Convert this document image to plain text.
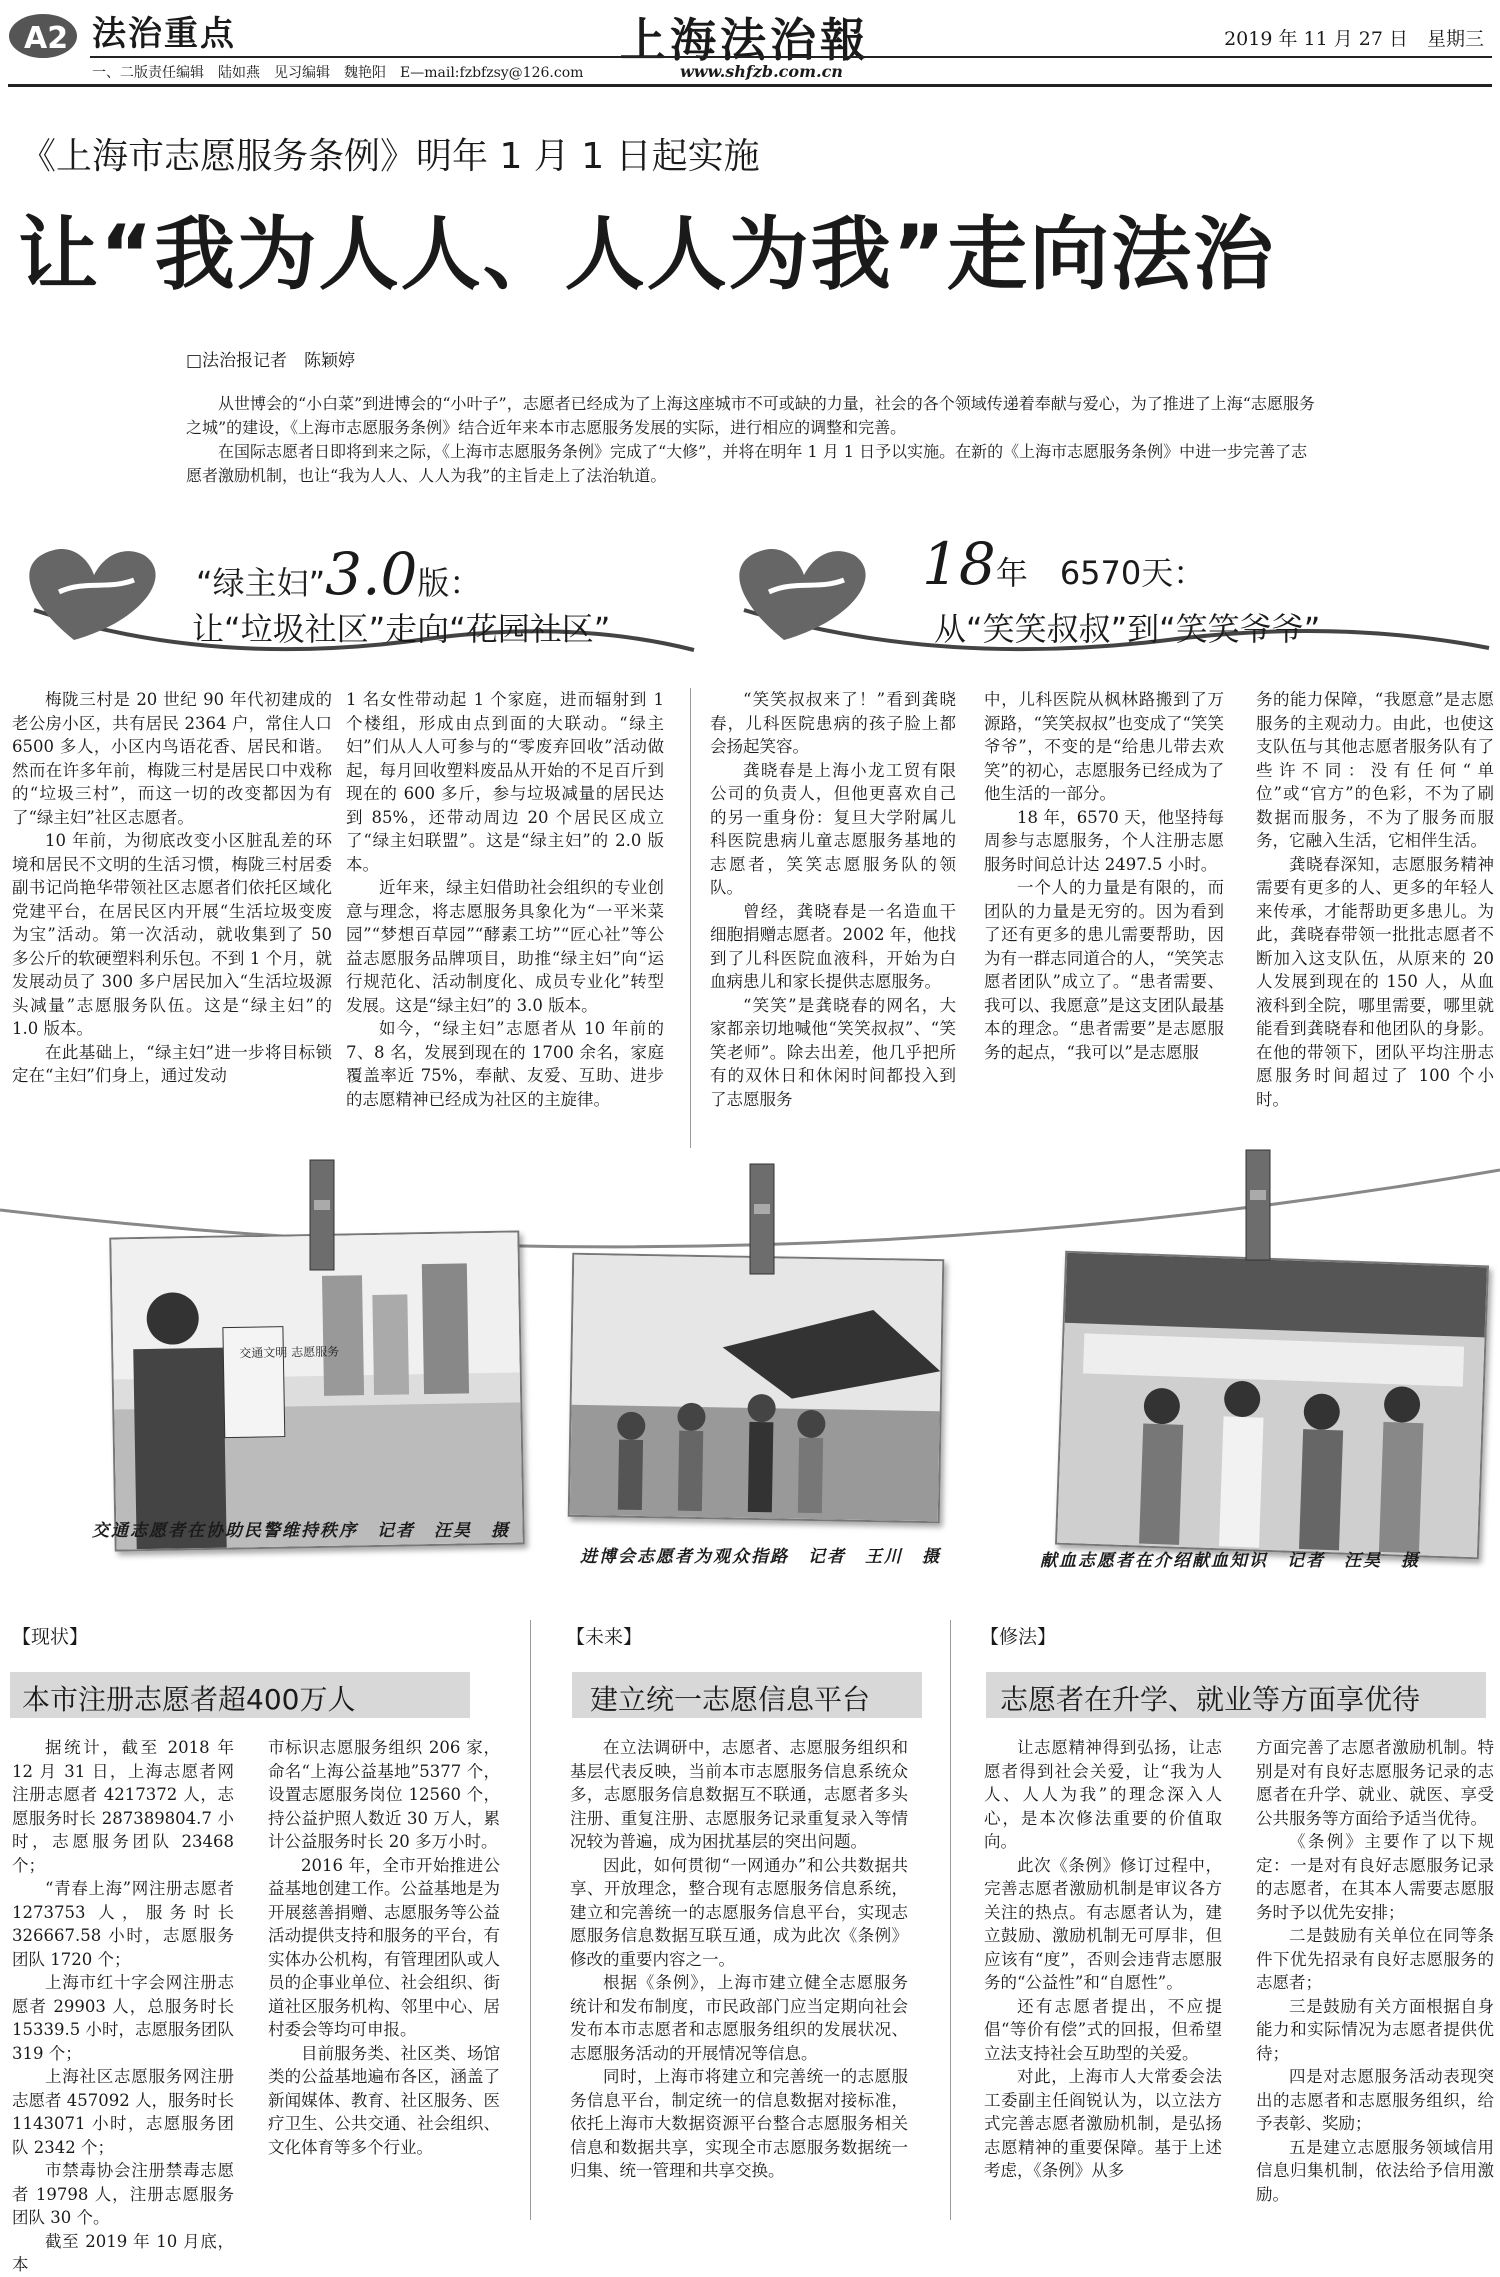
A2 法治重点	上海法治報	2019 年 11 月 27 日　星期三
一、二版责任编辑　陆如燕　见习编辑　魏艳阳　E—mail:fzbfzsy@126.com	www.shfzb.com.cn
《上海市志愿服务条例》明年 1 月 1 日起实施
让“我为人人、人人为我”走向法治
□法治报记者　陈颖婷

从世博会的“小白菜”到进博会的“小叶子”，志愿者已经成为了上海这座城市不可或缺的力量，社会的各个领域传递着奉献与爱心，为了推进了上海“志愿服务之城”的建设，《上海市志愿服务条例》结合近年来本市志愿服务发展的实际，进行相应的调整和完善。

在国际志愿者日即将到来之际，《上海市志愿服务条例》完成了“大修”，并将在明年 1 月 1 日予以实施。在新的《上海市志愿服务条例》中进一步完善了志愿者激励机制，也让“我为人人、人人为我”的主旨走上了法治轨道。

“绿主妇”3.0版：
让“垃圾社区”走向“花园社区”
18年　6570天：
从“笑笑叔叔”到“笑笑爷爷”

梅陇三村是 20 世纪 90 年代初建成的老公房小区，共有居民 2364 户，常住人口 6500 多人，小区内鸟语花香、居民和谐。然而在许多年前，梅陇三村是居民口中戏称的“垃圾三村”，而这一切的改变都因为有了“绿主妇”社区志愿者。

10 年前，为彻底改变小区脏乱差的环境和居民不文明的生活习惯，梅陇三村居委副书记尚艳华带领社区志愿者们依托区域化党建平台，在居民区内开展“生活垃圾变废为宝”活动。第一次活动，就收集到了 50 多公斤的软硬塑料利乐包。不到 1 个月，就发展动员了 300 多户居民加入“生活垃圾源头减量”志愿服务队伍。这是“绿主妇”的 1.0 版本。

在此基础上，“绿主妇”进一步将目标锁定在“主妇”们身上，通过发动

1 名女性带动起 1 个家庭，进而辐射到 1 个楼组，形成由点到面的大联动。“绿主妇”们从人人可参与的“零废弃回收”活动做起，每月回收塑料废品从开始的不足百斤到现在的 600 多斤，参与垃圾减量的居民达到 85%，还带动周边 20 个居民区成立了“绿主妇联盟”。这是“绿主妇”的 2.0 版本。

近年来，绿主妇借助社会组织的专业创意与理念，将志愿服务具象化为“一平米菜园”“梦想百草园”“酵素工坊”“匠心社”等公益志愿服务品牌项目，助推“绿主妇”向“运行规范化、活动制度化、成员专业化”转型发展。这是“绿主妇”的 3.0 版本。

如今，“绿主妇”志愿者从 10 年前的 7、8 名，发展到现在的 1700 余名，家庭覆盖率近 75%，奉献、友爱、互助、进步的志愿精神已经成为社区的主旋律。

“笑笑叔叔来了！”看到龚晓春，儿科医院患病的孩子脸上都会扬起笑容。

龚晓春是上海小龙工贸有限公司的负责人，但他更喜欢自己的另一重身份：复旦大学附属儿科医院患病儿童志愿服务基地的志愿者，笑笑志愿服务队的领队。

曾经，龚晓春是一名造血干细胞捐赠志愿者。2002 年，他找到了儿科医院血液科，开始为白血病患儿和家长提供志愿服务。

“笑笑”是龚晓春的网名，大家都亲切地喊他“笑笑叔叔”、“笑笑老师”。除去出差，他几乎把所有的双休日和休闲时间都投入到了志愿服务

中，儿科医院从枫林路搬到了万源路，“笑笑叔叔”也变成了“笑笑爷爷”，不变的是“给患儿带去欢笑”的初心，志愿服务已经成为了他生活的一部分。

18 年，6570 天，他坚持每周参与志愿服务，个人注册志愿服务时间总计达 2497.5 小时。

一个人的力量是有限的，而团队的力量是无穷的。因为看到了还有更多的患儿需要帮助，因为有一群志同道合的人，“笑笑志愿者团队”成立了。“患者需要、我可以、我愿意”是这支团队最基本的理念。“患者需要”是志愿服务的起点，“我可以”是志愿服

务的能力保障，“我愿意”是志愿服务的主观动力。由此，也使这支队伍与其他志愿者服务队有了些许不同：没有任何“单位”或“官方”的色彩，不为了刷数据而服务，不为了服务而服务，它融入生活，它相伴生活。

龚晓春深知，志愿服务精神需要有更多的人、更多的年轻人来传承，才能帮助更多患儿。为此，龚晓春带领一批批志愿者不断加入这支队伍，从原来的 20 人发展到现在的 150 人，从血液科到全院，哪里需要，哪里就能看到龚晓春和他团队的身影。在他的带领下，团队平均注册志愿服务时间超过了 100 个小时。

交通文明 志愿服务
交通志愿者在协助民警维持秩序　记者　汪昊　摄
进博会志愿者为观众指路　记者　王川　摄	献血志愿者在介绍献血知识　记者　汪昊　摄
【现状】
本市注册志愿者超400万人

据统计，截至 2018 年 12 月 31 日，上海志愿者网注册志愿者 4217372 人，志愿服务时长 287389804.7 小时，志愿服务团队 23468 个；

“青春上海”网注册志愿者 1273753 人，服务时长 326667.58 小时，志愿服务团队 1720 个；

上海市红十字会网注册志愿者 29903 人，总服务时长 15339.5 小时，志愿服务团队 319 个；

上海社区志愿服务网注册志愿者 457092 人，服务时长 1143071 小时，志愿服务团队 2342 个；

市禁毒协会注册禁毒志愿者 19798 人，注册志愿服务团队 30 个。

截至 2019 年 10 月底，本

市标识志愿服务组织 206 家，命名“上海公益基地”5377 个，设置志愿服务岗位 12560 个，持公益护照人数近 30 万人，累计公益服务时长 20 多万小时。

2016 年，全市开始推进公益基地创建工作。公益基地是为开展慈善捐赠、志愿服务等公益活动提供支持和服务的平台，有实体办公机构，有管理团队或人员的企事业单位、社会组织、街道社区服务机构、邻里中心、居村委会等均可申报。

目前服务类、社区类、场馆类的公益基地遍布各区，涵盖了新闻媒体、教育、社区服务、医疗卫生、公共交通、社会组织、文化体育等多个行业。

【未来】
建立统一志愿信息平台

在立法调研中，志愿者、志愿服务组织和基层代表反映，当前本市志愿服务信息系统众多，志愿服务信息数据互不联通，志愿者多头注册、重复注册、志愿服务记录重复录入等情况较为普遍，成为困扰基层的突出问题。

因此，如何贯彻“一网通办”和公共数据共享、开放理念，整合现有志愿服务信息系统，建立和完善统一的志愿服务信息平台，实现志愿服务信息数据互联互通，成为此次《条例》修改的重要内容之一。

根据《条例》，上海市建立健全志愿服务统计和发布制度，市民政部门应当定期向社会发布本市志愿者和志愿服务组织的发展状况、志愿服务活动的开展情况等信息。

同时，上海市将建立和完善统一的志愿服务信息平台，制定统一的信息数据对接标准，依托上海市大数据资源平台整合志愿服务相关信息和数据共享，实现全市志愿服务数据统一归集、统一管理和共享交换。

【修法】
志愿者在升学、就业等方面享优待

让志愿精神得到弘扬，让志愿者得到社会关爱，让“我为人人、人人为我”的理念深入人心，是本次修法重要的价值取向。

此次《条例》修订过程中，完善志愿者激励机制是审议各方关注的热点。有志愿者认为，建立鼓励、激励机制无可厚非，但应该有“度”，否则会违背志愿服务的“公益性”和“自愿性”。

还有志愿者提出，不应提倡“等价有偿”式的回报，但希望立法支持社会互助型的关爱。

对此，上海市人大常委会法工委副主任阎锐认为，以立法方式完善志愿者激励机制，是弘扬志愿精神的重要保障。基于上述考虑，《条例》从多

方面完善了志愿者激励机制。特别是对有良好志愿服务记录的志愿者在升学、就业、就医、享受公共服务等方面给予适当优待。

《条例》主要作了以下规定：一是对有良好志愿服务记录的志愿者，在其本人需要志愿服务时予以优先安排；

二是鼓励有关单位在同等条件下优先招录有良好志愿服务的志愿者；

三是鼓励有关方面根据自身能力和实际情况为志愿者提供优待；

四是对志愿服务活动表现突出的志愿者和志愿服务组织，给予表彰、奖励；

五是建立志愿服务领域信用信息归集机制，依法给予信用激励。
